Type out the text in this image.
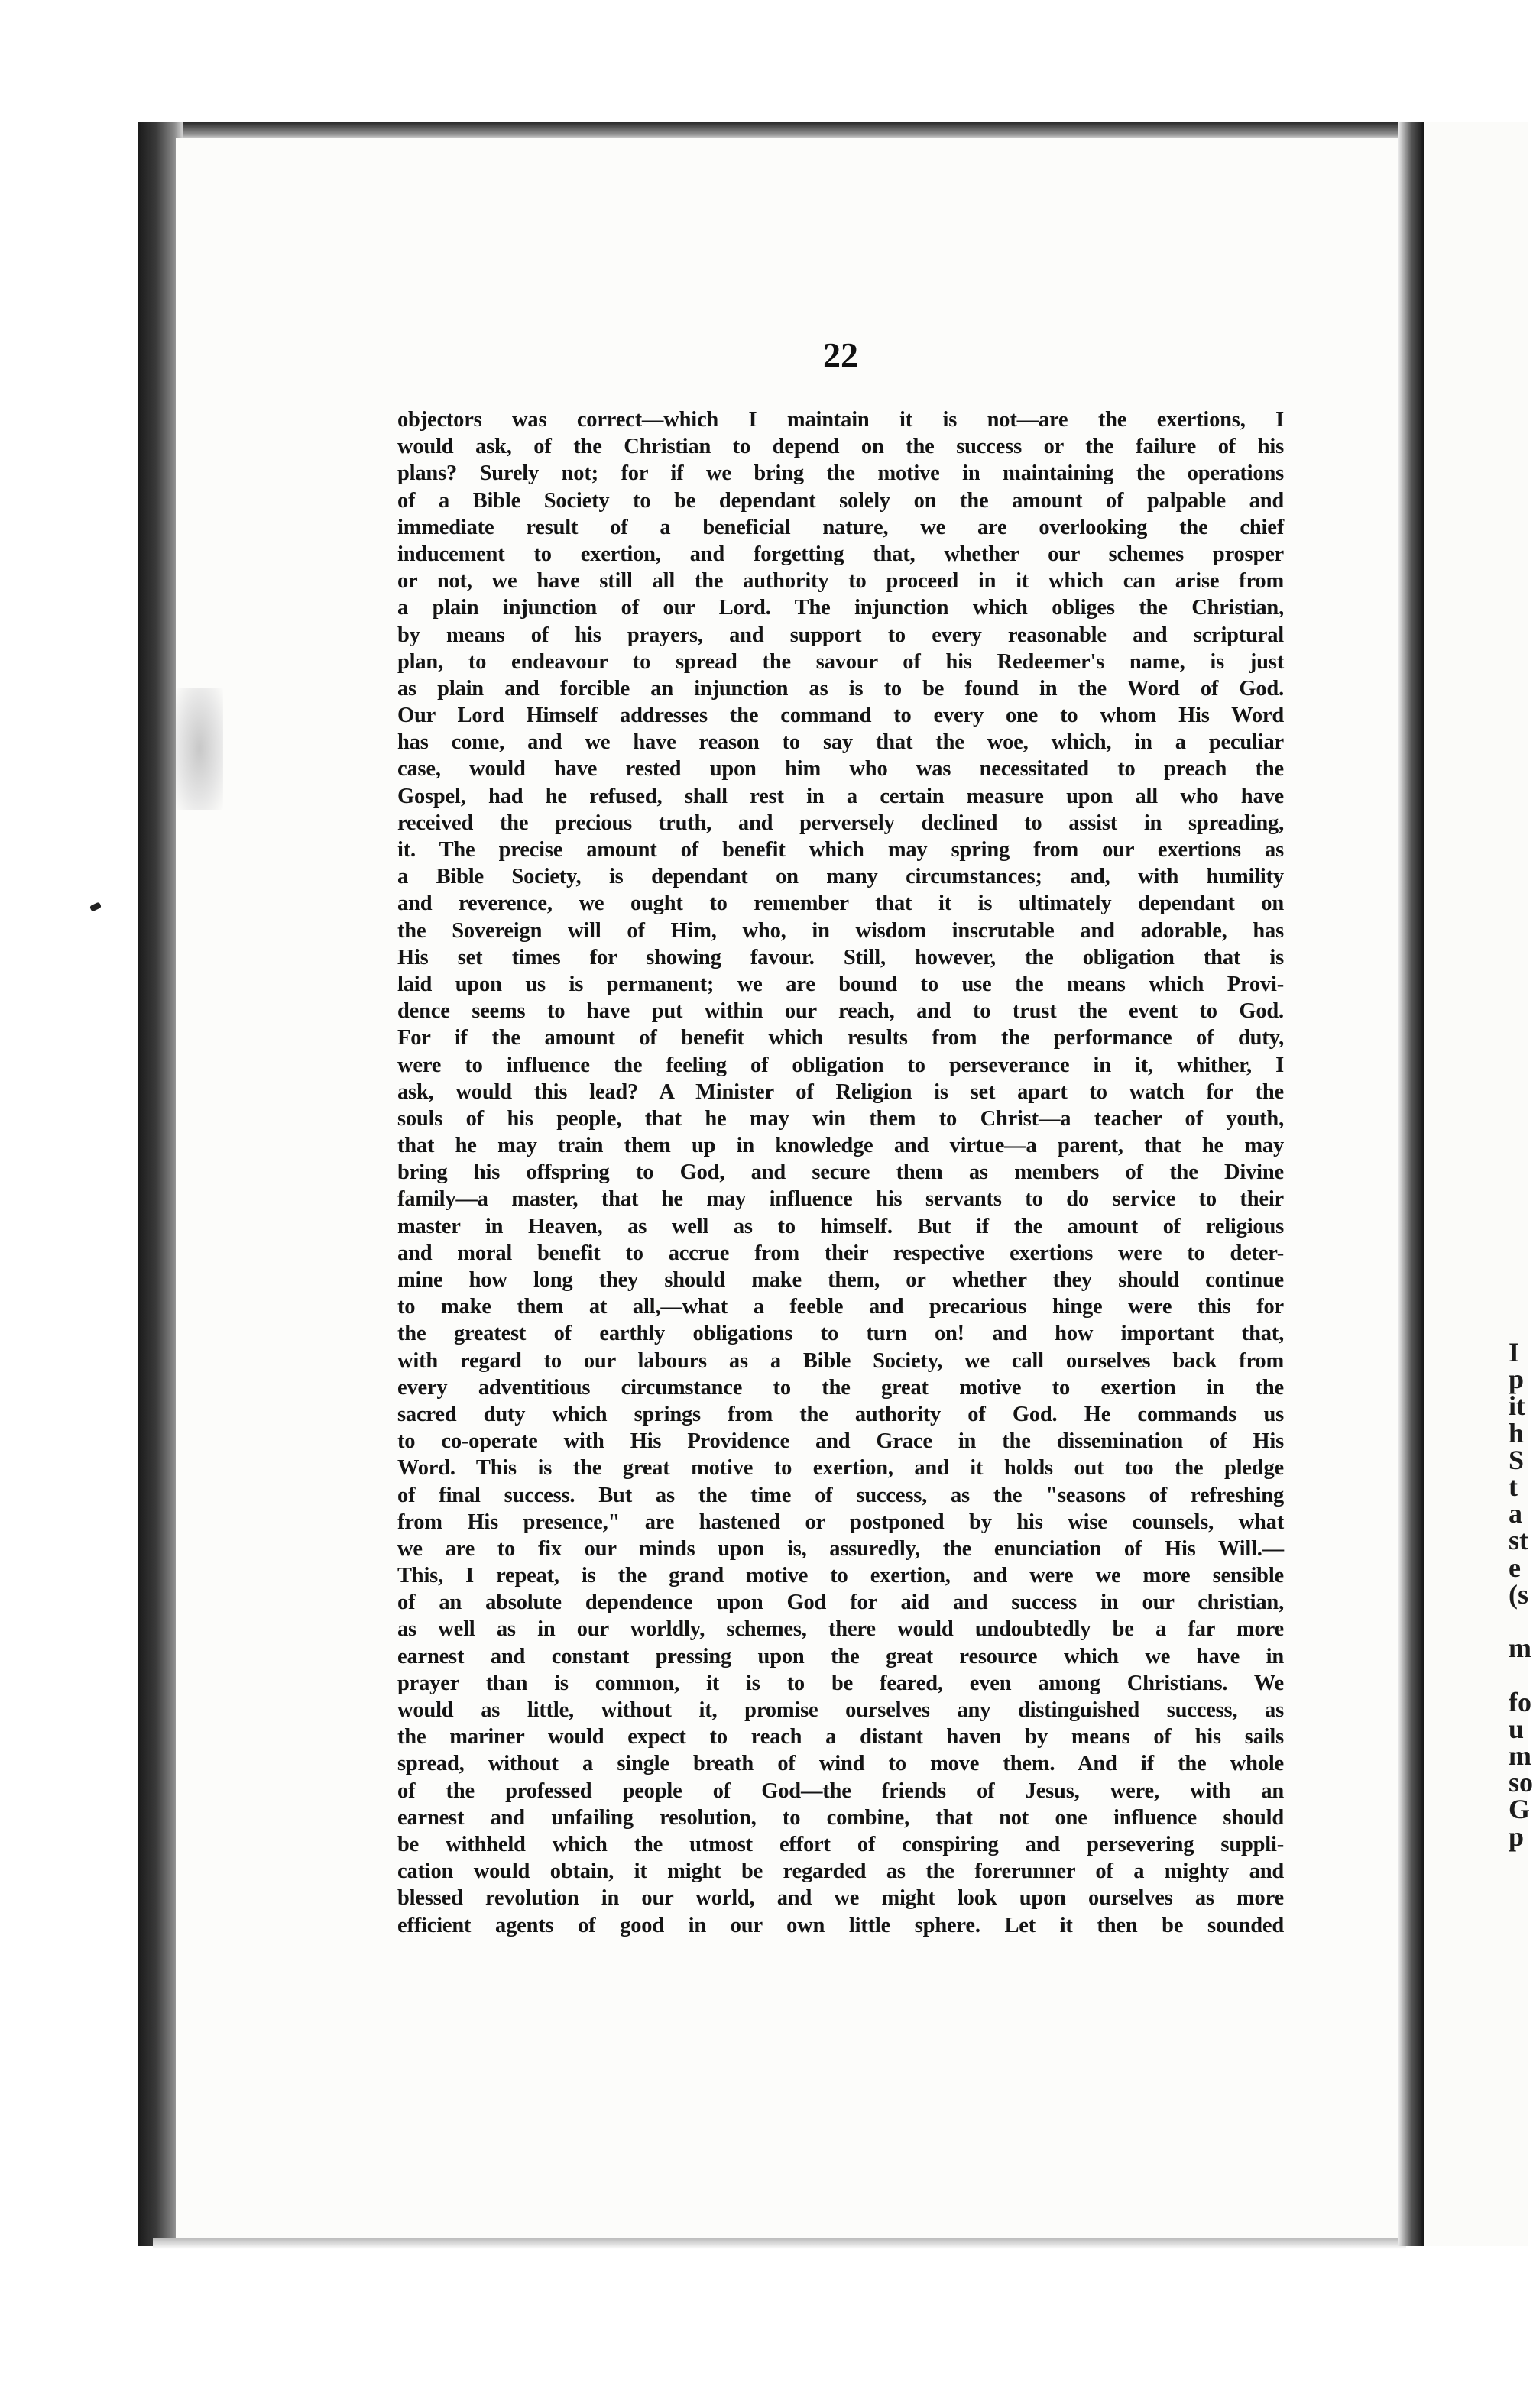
I
p
it
h
S
t
a
st
e
(s
m
fo
u
m
so
G
p
22
objectors was correct—which I maintain it is not—are the exertions, I
would ask, of the Christian to depend on the success or the failure of his
plans? Surely not; for if we bring the motive in maintaining the operations
of a Bible Society to be dependant solely on the amount of palpable and
immediate result of a beneficial nature, we are overlooking the chief
inducement to exertion, and forgetting that, whether our schemes prosper
or not, we have still all the authority to proceed in it which can arise from
a plain injunction of our Lord. The injunction which obliges the Christian,
by means of his prayers, and support to every reasonable and scriptural
plan, to endeavour to spread the savour of his Redeemer's name, is just
as plain and forcible an injunction as is to be found in the Word of God.
Our Lord Himself addresses the command to every one to whom His Word
has come, and we have reason to say that the woe, which, in a peculiar
case, would have rested upon him who was necessitated to preach the
Gospel, had he refused, shall rest in a certain measure upon all who have
received the precious truth, and perversely declined to assist in spreading,
it. The precise amount of benefit which may spring from our exertions as
a Bible Society, is dependant on many circumstances; and, with humility
and reverence, we ought to remember that it is ultimately dependant on
the Sovereign will of Him, who, in wisdom inscrutable and adorable, has
His set times for showing favour. Still, however, the obligation that is
laid upon us is permanent; we are bound to use the means which Provi-
dence seems to have put within our reach, and to trust the event to God.
For if the amount of benefit which results from the performance of duty,
were to influence the feeling of obligation to perseverance in it, whither, I
ask, would this lead? A Minister of Religion is set apart to watch for the
souls of his people, that he may win them to Christ—a teacher of youth,
that he may train them up in knowledge and virtue—a parent, that he may
bring his offspring to God, and secure them as members of the Divine
family—a master, that he may influence his servants to do service to their
master in Heaven, as well as to himself. But if the amount of religious
and moral benefit to accrue from their respective exertions were to deter-
mine how long they should make them, or whether they should continue
to make them at all,—what a feeble and precarious hinge were this for
the greatest of earthly obligations to turn on! and how important that,
with regard to our labours as a Bible Society, we call ourselves back from
every adventitious circumstance to the great motive to exertion in the
sacred duty which springs from the authority of God. He commands us
to co-operate with His Providence and Grace in the dissemination of His
Word. This is the great motive to exertion, and it holds out too the pledge
of final success. But as the time of success, as the "seasons of refreshing
from His presence," are hastened or postponed by his wise counsels, what
we are to fix our minds upon is, assuredly, the enunciation of His Will.—
This, I repeat, is the grand motive to exertion, and were we more sensible
of an absolute dependence upon God for aid and success in our christian,
as well as in our worldly, schemes, there would undoubtedly be a far more
earnest and constant pressing upon the great resource which we have in
prayer than is common, it is to be feared, even among Christians. We
would as little, without it, promise ourselves any distinguished success, as
the mariner would expect to reach a distant haven by means of his sails
spread, without a single breath of wind to move them. And if the whole
of the professed people of God—the friends of Jesus, were, with an
earnest and unfailing resolution, to combine, that not one influence should
be withheld which the utmost effort of conspiring and persevering suppli-
cation would obtain, it might be regarded as the forerunner of a mighty and
blessed revolution in our world, and we might look upon ourselves as more
efficient agents of good in our own little sphere. Let it then be sounded
